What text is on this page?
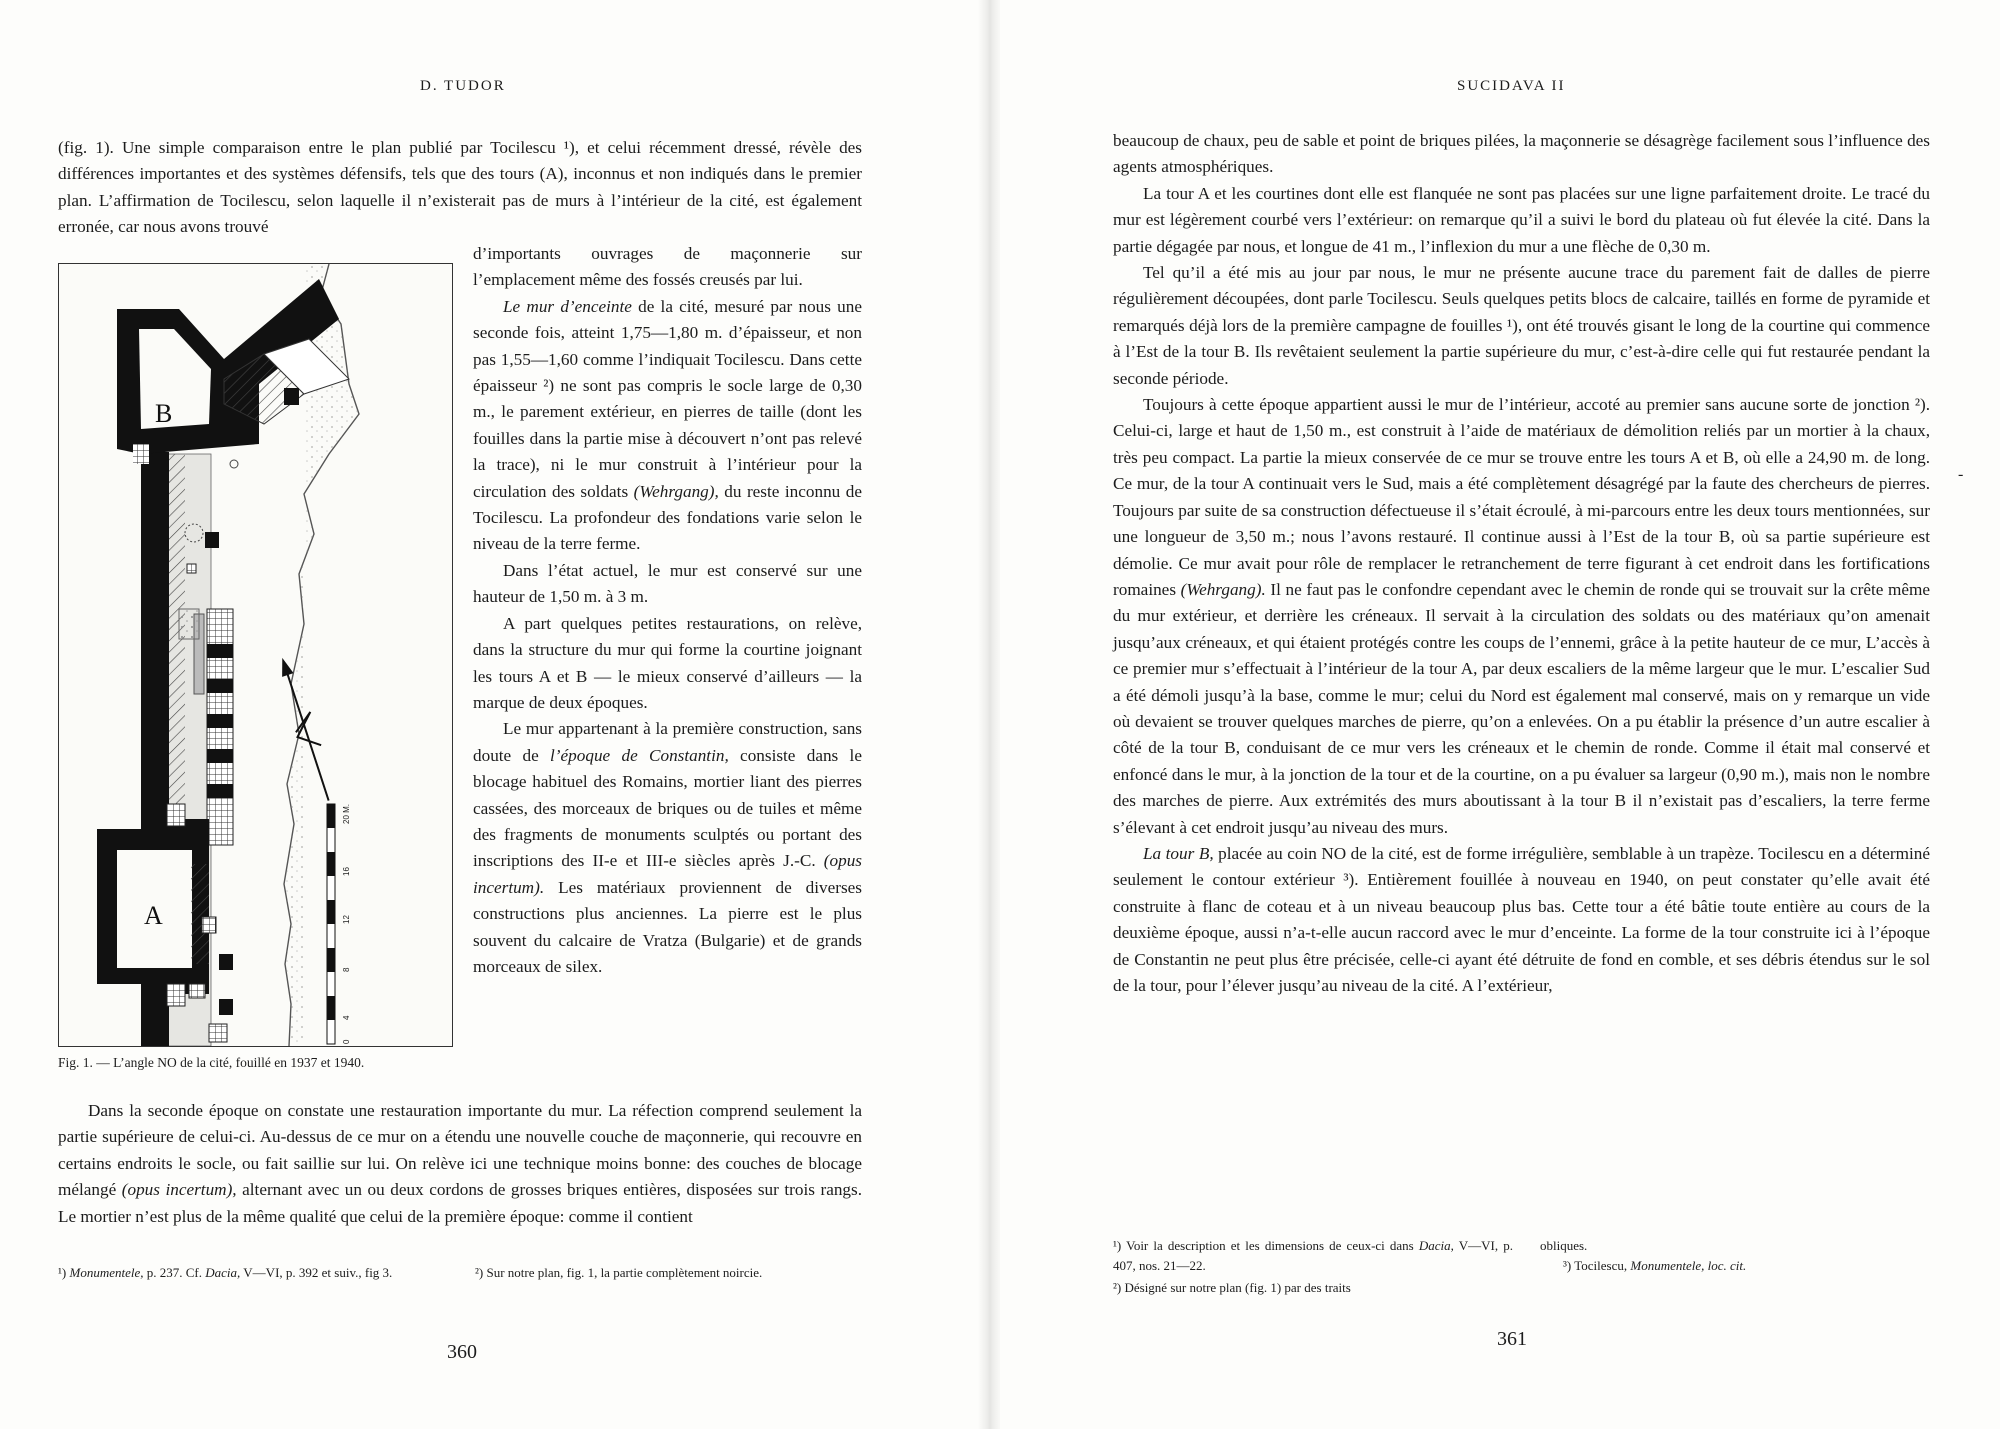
D. TUDOR

(fig. 1). Une simple comparaison entre le plan publié par Tocilescu ¹), et celui récemment dressé, révèle des différences importantes et des systèmes défensifs, tels que des tours (A), inconnus et non indiqués dans le premier plan. L’affirmation de Tocilescu, selon laquelle il n’existerait pas de murs à l’intérieur de la cité, est également erronée, car nous avons trouvé

20 M.
16
12
8
4
0
B
A

d’importants ouvrages de maçonnerie sur l’emplacement même des fossés creusés par lui.

Le mur d’enceinte de la cité, mesuré par nous une seconde fois, atteint 1,75—1,80 m. d’épaisseur, et non pas 1,55—1,60 comme l’indiquait Tocilescu. Dans cette épaisseur ²) ne sont pas compris le socle large de 0,30 m., le parement extérieur, en pierres de taille (dont les fouilles dans la partie mise à découvert n’ont pas relevé la trace), ni le mur construit à l’intérieur pour la circulation des soldats (Wehrgang), du reste inconnu de Tocilescu. La profondeur des fondations varie selon le niveau de la terre ferme.

Dans l’état actuel, le mur est conservé sur une hauteur de 1,50 m. à 3 m.

A part quelques petites restaurations, on relève, dans la structure du mur qui forme la courtine joignant les tours A et B — le mieux conservé d’ailleurs — la marque de deux époques.

Le mur appartenant à la première construction, sans doute de l’époque de Constantin, consiste dans le blocage habituel des Romains, mortier liant des pierres cassées, des morceaux de briques ou de tuiles et même des fragments de monuments sculptés ou portant des inscriptions des II-e et III-e siècles après J.-C. (opus incertum). Les matériaux proviennent de diverses constructions plus anciennes. La pierre est le plus souvent du calcaire de Vratza (Bulgarie) et de grands morceaux de silex.

Fig. 1. — L’angle NO de la cité, fouillé en 1937 et 1940.

Dans la seconde époque on constate une restauration importante du mur. La réfection comprend seulement la partie supérieure de celui-ci. Au-dessus de ce mur on a étendu une nouvelle couche de maçonnerie, qui recouvre en certains endroits le socle, ou fait saillie sur lui. On relève ici une technique moins bonne: des couches de blocage mélangé (opus incertum), alternant avec un ou deux cordons de grosses briques entières, disposées sur trois rangs. Le mortier n’est plus de la même qualité que celui de la première époque: comme il contient

¹) Monumentele, p. 237. Cf. Dacia, V—VI, p. 392 et suiv., fig 3.	²) Sur notre plan, fig. 1, la partie complètement noircie.
360
SUCIDAVA II

beaucoup de chaux, peu de sable et point de briques pilées, la maçonnerie se désagrège facilement sous l’influence des agents atmosphériques.

La tour A et les courtines dont elle est flanquée ne sont pas placées sur une ligne parfaitement droite. Le tracé du mur est légèrement courbé vers l’extérieur: on remarque qu’il a suivi le bord du plateau où fut élevée la cité. Dans la partie dégagée par nous, et longue de 41 m., l’inflexion du mur a une flèche de 0,30 m.

Tel qu’il a été mis au jour par nous, le mur ne présente aucune trace du parement fait de dalles de pierre régulièrement découpées, dont parle Tocilescu. Seuls quelques petits blocs de calcaire, taillés en forme de pyramide et remarqués déjà lors de la première campagne de fouilles ¹), ont été trouvés gisant le long de la courtine qui commence à l’Est de la tour B. Ils revêtaient seulement la partie supérieure du mur, c’est-à-dire celle qui fut restaurée pendant la seconde période.

Toujours à cette époque appartient aussi le mur de l’intérieur, accoté au premier sans aucune sorte de jonction ²). Celui-ci, large et haut de 1,50 m., est construit à l’aide de matériaux de démolition reliés par un mortier à la chaux, très peu compact. La partie la mieux conservée de ce mur se trouve entre les tours A et B, où elle a 24,90 m. de long. Ce mur, de la tour A continuait vers le Sud, mais a été complètement désagrégé par la faute des chercheurs de pierres. Toujours par suite de sa construction défectueuse il s’était écroulé, à mi-parcours entre les deux tours mentionnées, sur une longueur de 3,50 m.; nous l’avons restauré. Il continue aussi à l’Est de la tour B, où sa partie supérieure est démolie. Ce mur avait pour rôle de remplacer le retranchement de terre figurant à cet endroit dans les fortifications romaines (Wehrgang). Il ne faut pas le confondre cependant avec le chemin de ronde qui se trouvait sur la crête même du mur extérieur, et derrière les créneaux. Il servait à la circulation des soldats ou des matériaux qu’on amenait jusqu’aux créneaux, et qui étaient protégés contre les coups de l’ennemi, grâce à la petite hauteur de ce mur, L’accès à ce premier mur s’effectuait à l’intérieur de la tour A, par deux escaliers de la même largeur que le mur. L’escalier Sud a été démoli jusqu’à la base, comme le mur; celui du Nord est également mal conservé, mais on y remarque un vide où devaient se trouver quelques marches de pierre, qu’on a enlevées. On a pu établir la présence d’un autre escalier à côté de la tour B, conduisant de ce mur vers les créneaux et le chemin de ronde. Comme il était mal conservé et enfoncé dans le mur, à la jonction de la tour et de la courtine, on a pu évaluer sa largeur (0,90 m.), mais non le nombre des marches de pierre. Aux extrémités des murs aboutissant à la tour B il n’existait pas d’escaliers, la terre ferme s’élevant à cet endroit jusqu’au niveau des murs.

La tour B, placée au coin NO de la cité, est de forme irrégulière, semblable à un trapèze. Tocilescu en a déterminé seulement le contour extérieur ³). Entièrement fouillée à nouveau en 1940, on peut constater qu’elle avait été construite à flanc de coteau et à un niveau beaucoup plus bas. Cette tour a été bâtie toute entière au cours de la deuxième époque, aussi n’a-t-elle aucun raccord avec le mur d’enceinte. La forme de la tour construite ici à l’époque de Constantin ne peut plus être précisée, celle-ci ayant été détruite de fond en comble, et ses débris étendus sur le sol de la tour, pour l’élever jusqu’au niveau de la cité. A l’extérieur,

-
¹) Voir la description et les dimensions de ceux-ci dans Dacia, V—VI, p. 407, nos. 21—22.
²) Désigné sur notre plan (fig. 1) par des traits
obliques.
³) Tocilescu, Monumentele, loc. cit.
361
